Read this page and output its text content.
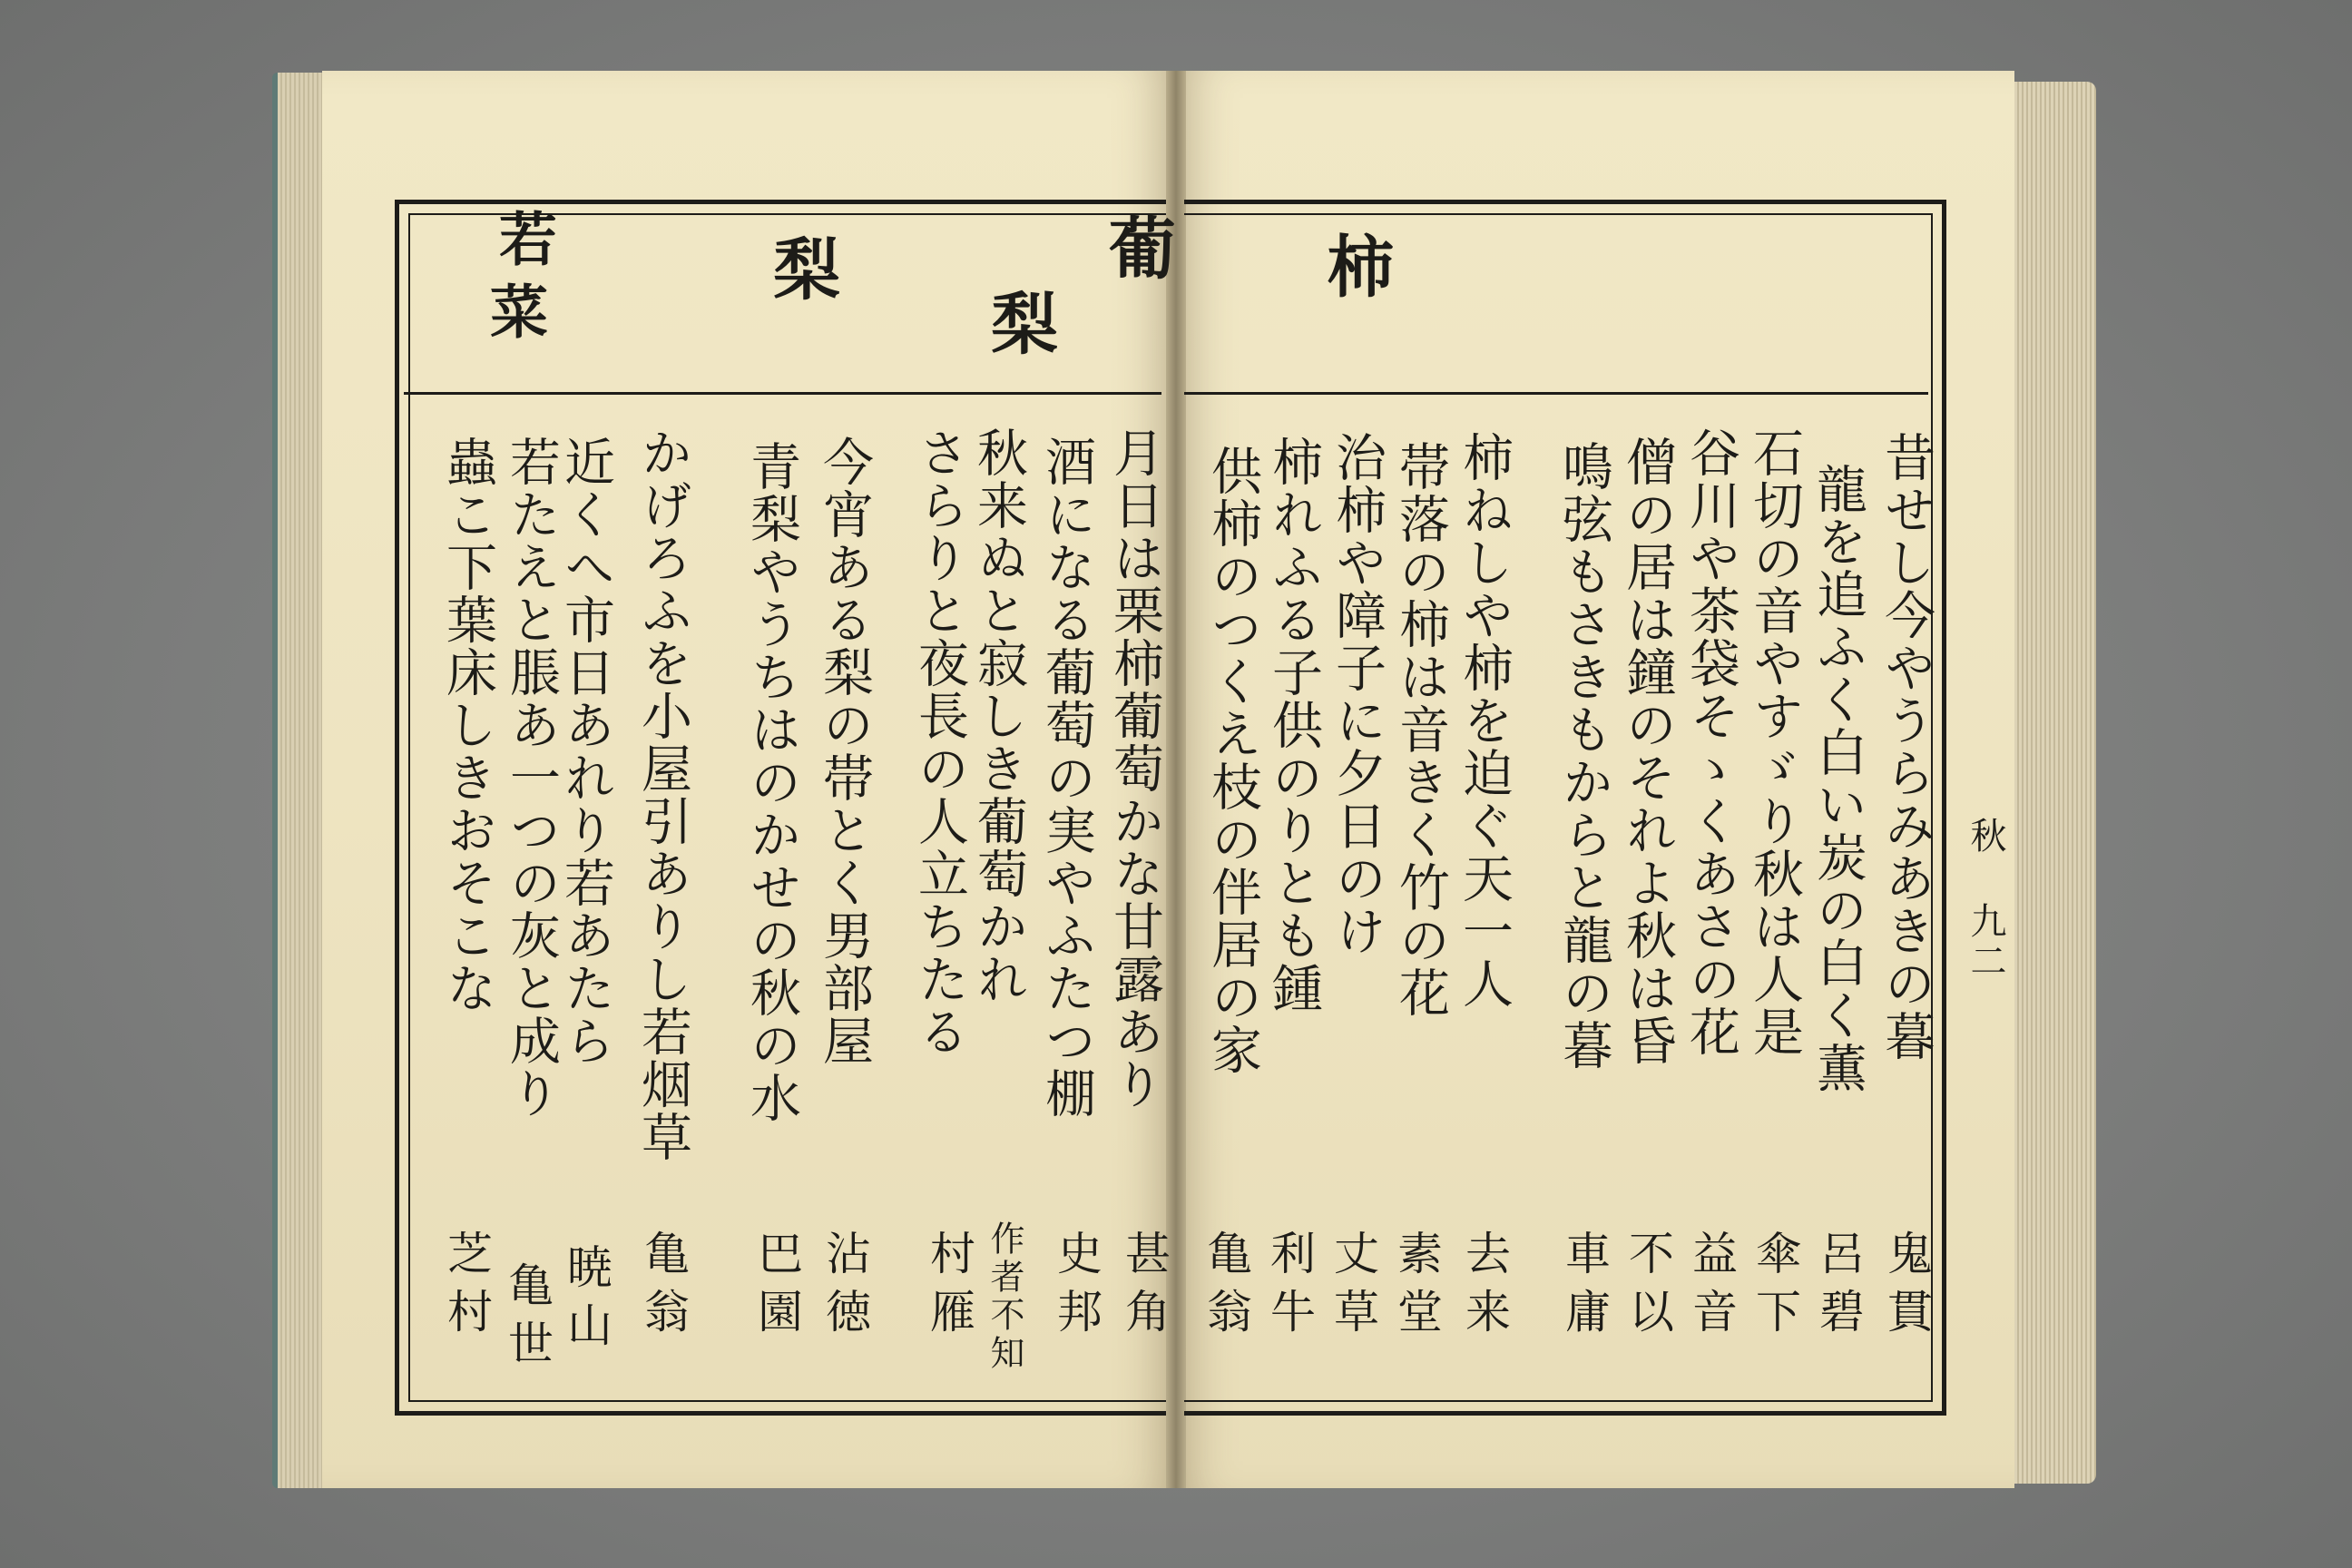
葡
梨
梨
若
菜
月日は栗柿葡萄かな甘露あり
酒になる葡萄の実やふたつ棚
秋来ぬと寂しき葡萄かれ
さらりと夜長の人立ちたる
今宵ある梨の帯とく男部屋
青梨やうちはのかせの秋の水
かげろふを小屋引ありし若烟草
近くへ市日あれり若あたら
若たえと脹あ一つの灰と成り
蟲こ下葉床しきおそこな
甚角
史邦
作者不知
村雁
沾徳
巴園
亀翁
暁山
亀世
芝村
柿
昔せし今やうらみあきの暮
龍を追ふく白い炭の白く薫
石切の音やすゞり秋は人是
谷川や茶袋そゝくあさの花
僧の居は鐘のそれよ秋は昏
鳴弦もさきもからと龍の暮
柿ねしや柿を迫ぐ天一人
帯落の柿は音きく竹の花
治柿や障子に夕日のけ
柿れふる子供のりとも鍾
供柿のつくえ枝の伴居の家
鬼貫
呂碧
傘下
益音
不以
車庸
去来
素堂
丈草
利牛
亀翁
秋 九二
